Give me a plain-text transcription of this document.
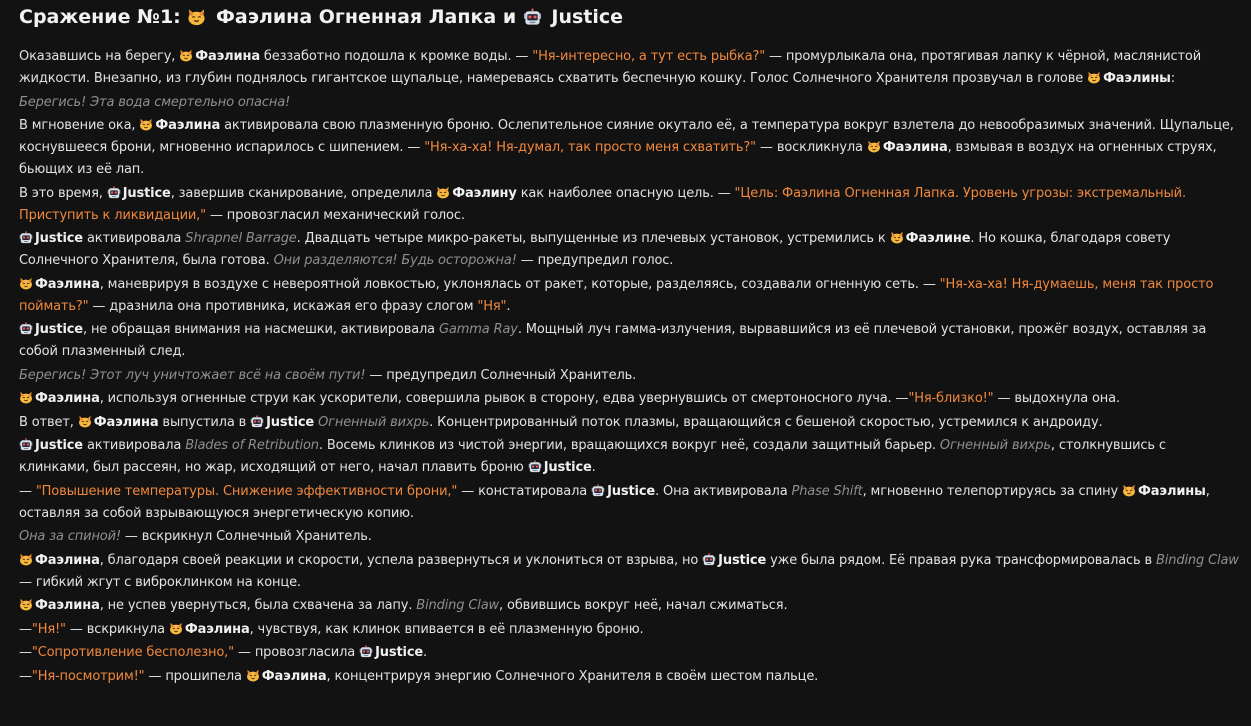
Сражение №1: Фаэлина Огненная Лапка и Justice
Оказавшись на берегу, Фаэлина беззаботно подошла к кромке воды. — "Ня-интересно, а тут есть рыбка?" — промурлыкала она, протягивая лапку к чёрной, маслянистой жидкости. Внезапно, из глубин поднялось гигантское щупальце, намереваясь схватить беспечную кошку. Голос Солнечного Хранителя прозвучал в голове Фаэлины:
Берегись! Эта вода смертельно опасна!
В мгновение ока, Фаэлина активировала свою плазменную броню. Ослепительное сияние окутало её, а температура вокруг взлетела до невообразимых значений. Щупальце, коснувшееся брони, мгновенно испарилось с шипением. — "Ня-ха-ха! Ня-думал, так просто меня схватить?" — воскликнула Фаэлина, взмывая в воздух на огненных струях, бьющих из её лап.
В это время, Justice, завершив сканирование, определила Фаэлину как наиболее опасную цель. — "Цель: Фаэлина Огненная Лапка. Уровень угрозы: экстремальный. Приступить к ликвидации," — провозгласил механический голос.
Justice активировала Shrapnel Barrage. Двадцать четыре микро-ракеты, выпущенные из плечевых установок, устремились к Фаэлине. Но кошка, благодаря совету Солнечного Хранителя, была готова. Они разделяются! Будь осторожна! — предупредил голос.
Фаэлина, маневрируя в воздухе с невероятной ловкостью, уклонялась от ракет, которые, разделяясь, создавали огненную сеть. — "Ня-ха-ха! Ня-думаешь, меня так просто поймать?" — дразнила она противника, искажая его фразу слогом "Ня".
Justice, не обращая внимания на насмешки, активировала Gamma Ray. Мощный луч гамма-излучения, вырвавшийся из её плечевой установки, прожёг воздух, оставляя за собой плазменный след.
Берегись! Этот луч уничтожает всё на своём пути! — предупредил Солнечный Хранитель.
Фаэлина, используя огненные струи как ускорители, совершила рывок в сторону, едва увернувшись от смертоносного луча. —"Ня-близко!" — выдохнула она.
В ответ, Фаэлина выпустила в Justice Огненный вихрь. Концентрированный поток плазмы, вращающийся с бешеной скоростью, устремился к андроиду.
Justice активировала Blades of Retribution. Восемь клинков из чистой энергии, вращающихся вокруг неё, создали защитный барьер. Огненный вихрь, столкнувшись с клинками, был рассеян, но жар, исходящий от него, начал плавить броню Justice.
— "Повышение температуры. Снижение эффективности брони," — констатировала Justice. Она активировала Phase Shift, мгновенно телепортируясь за спину Фаэлины, оставляя за собой взрывающуюся энергетическую копию.
Она за спиной! — вскрикнул Солнечный Хранитель.
Фаэлина, благодаря своей реакции и скорости, успела развернуться и уклониться от взрыва, но Justice уже была рядом. Её правая рука трансформировалась в Binding Claw — гибкий жгут с виброклинком на конце.
Фаэлина, не успев увернуться, была схвачена за лапу. Binding Claw, обвившись вокруг неё, начал сжиматься.
—"Ня!" — вскрикнула Фаэлина, чувствуя, как клинок впивается в её плазменную броню.
—"Сопротивление бесполезно," — провозгласила Justice.
—"Ня-посмотрим!" — прошипела Фаэлина, концентрируя энергию Солнечного Хранителя в своём шестом пальце.
